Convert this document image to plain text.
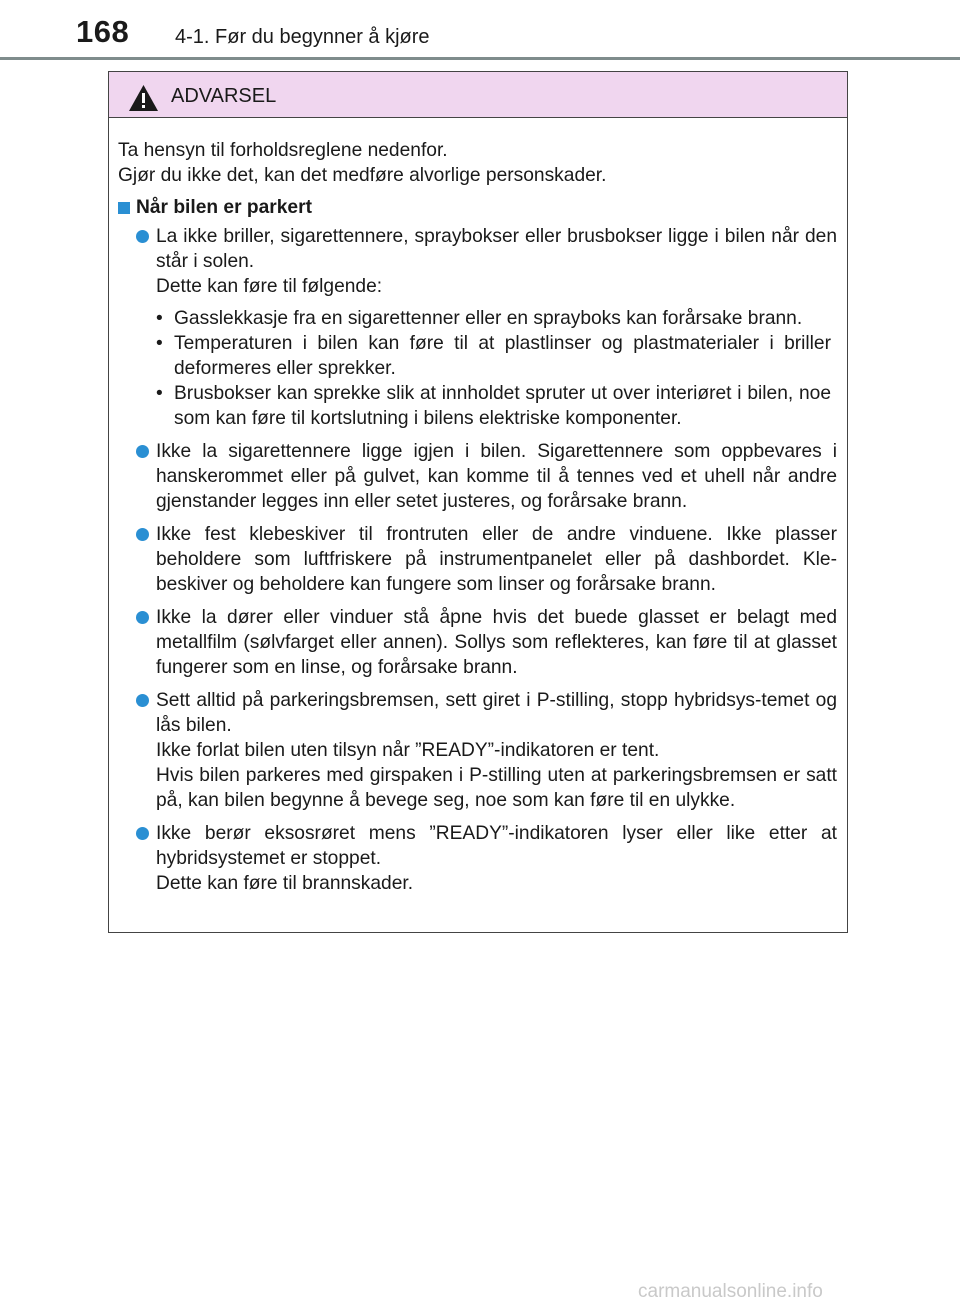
168 4-1. Før du begynner å kjøre
ADVARSEL

Ta hensyn til forholdsreglene nedenfor.

Gjør du ikke det, kan det medføre alvorlige personskader.

Når bilen er parkert

La ikke briller, sigarettennere, spraybokser eller brusbokser ligge i bilen når den står i solen.

Dette kan føre til følgende:

• Gasslekkasje fra en sigarettenner eller en sprayboks kan forårsake brann.
• Temperaturen i bilen kan føre til at plastlinser og plastmaterialer i briller deformeres eller sprekker.
• Brusbokser kan sprekke slik at innholdet spruter ut over interiøret i bilen, noe som kan føre til kortslutning i bilens elektriske komponenter.

Ikke la sigarettennere ligge igjen i bilen. Sigarettennere som oppbevares i hanskerommet eller på gulvet, kan komme til å tennes ved et uhell når andre gjenstander legges inn eller setet justeres, og forårsake brann.

Ikke fest klebeskiver til frontruten eller de andre vinduene. Ikke plasser beholdere som luftfriskere på instrumentpanelet eller på dashbordet. Kle-beskiver og beholdere kan fungere som linser og forårsake brann.

Ikke la dører eller vinduer stå åpne hvis det buede glasset er belagt med metallfilm (sølvfarget eller annen). Sollys som reflekteres, kan føre til at glasset fungerer som en linse, og forårsake brann.

Sett alltid på parkeringsbremsen, sett giret i P-stilling, stopp hybridsys-temet og lås bilen.

Ikke forlat bilen uten tilsyn når ”READY”-indikatoren er tent.

Hvis bilen parkeres med girspaken i P-stilling uten at parkeringsbremsen er satt på, kan bilen begynne å bevege seg, noe som kan føre til en ulykke.

Ikke berør eksosrøret mens ”READY”-indikatoren lyser eller like etter at hybridsystemet er stoppet.

Dette kan føre til brannskader.

carmanualsonline.info
